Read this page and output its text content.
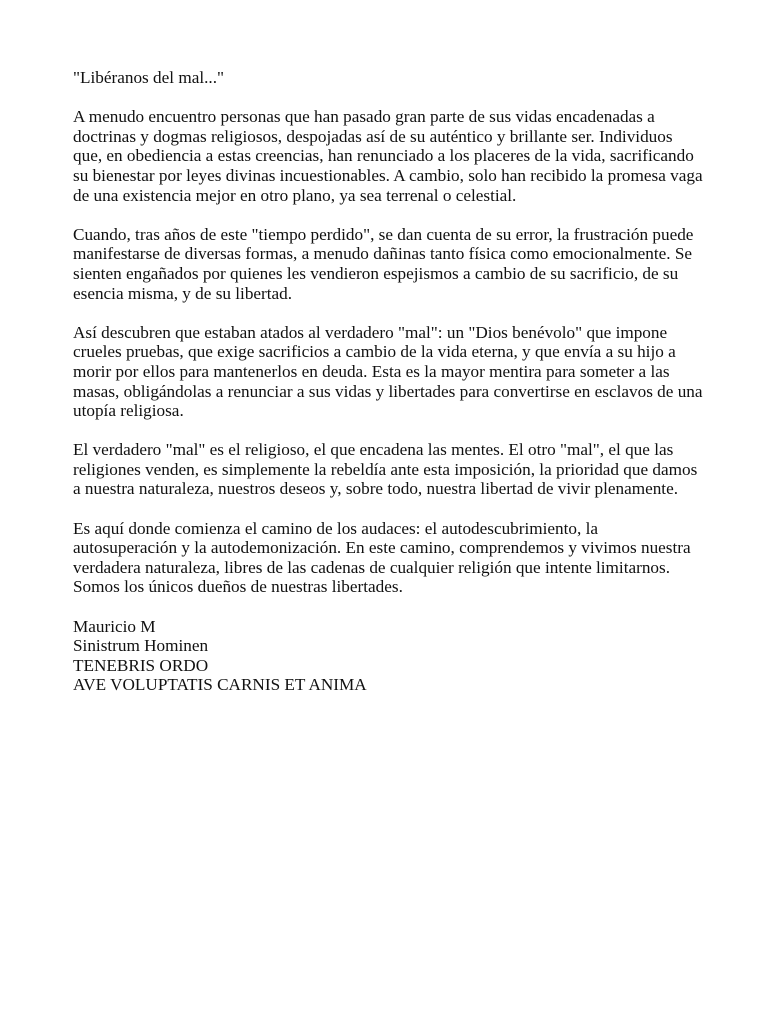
"Libéranos del mal..."

A menudo encuentro personas que han pasado gran parte de sus vidas encadenadas a doctrinas y dogmas religiosos, despojadas así de su auténtico y brillante ser. Individuos que, en obediencia a estas creencias, han renunciado a los placeres de la vida, sacrificando su bienestar por leyes divinas incuestionables. A cambio, solo han recibido la promesa vaga de una existencia mejor en otro plano, ya sea terrenal o celestial.

Cuando, tras años de este "tiempo perdido", se dan cuenta de su error, la frustración puede manifestarse de diversas formas, a menudo dañinas tanto física como emocionalmente. Se sienten engañados por quienes les vendieron espejismos a cambio de su sacrificio, de su esencia misma, y de su libertad.

Así descubren que estaban atados al verdadero "mal": un "Dios benévolo" que impone crueles pruebas, que exige sacrificios a cambio de la vida eterna, y que envía a su hijo a morir por ellos para mantenerlos en deuda. Esta es la mayor mentira para someter a las masas, obligándolas a renunciar a sus vidas y libertades para convertirse en esclavos de una utopía religiosa.

El verdadero "mal" es el religioso, el que encadena las mentes. El otro "mal", el que las religiones venden, es simplemente la rebeldía ante esta imposición, la prioridad que damos a nuestra naturaleza, nuestros deseos y, sobre todo, nuestra libertad de vivir plenamente.

Es aquí donde comienza el camino de los audaces: el autodescubrimiento, la autosuperación y la autodemonización. En este camino, comprendemos y vivimos nuestra verdadera naturaleza, libres de las cadenas de cualquier religión que intente limitarnos. Somos los únicos dueños de nuestras libertades.

Mauricio M
Sinistrum Hominen
TENEBRIS ORDO
AVE VOLUPTATIS CARNIS ET ANIMA
